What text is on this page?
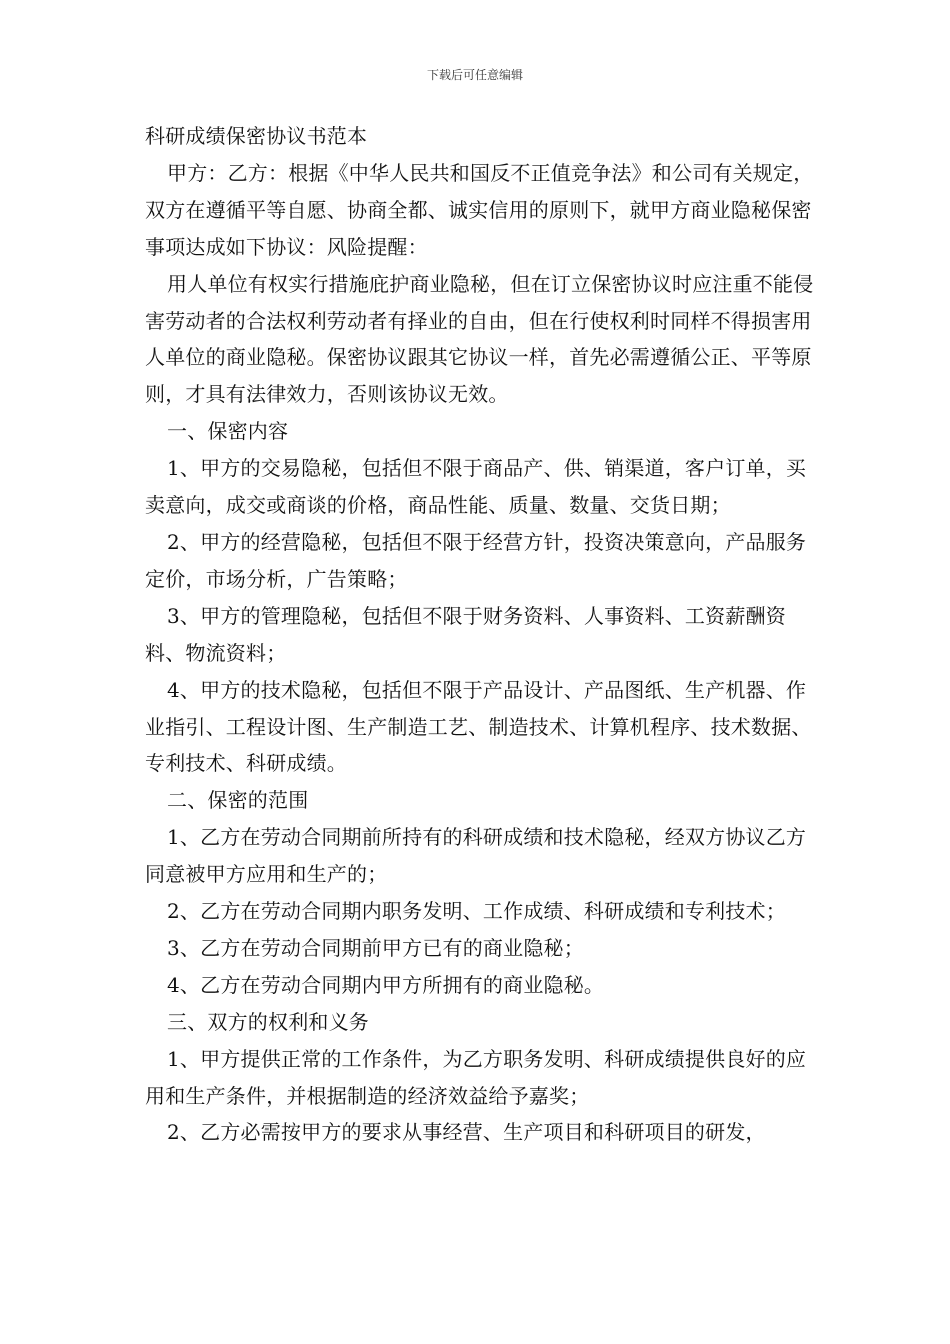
下载后可任意编辑
科研成绩保密协议书范本

甲方：乙方：根据《中华人民共和国反不正值竞争法》和公司有关规定，双方在遵循平等自愿、协商全都、诚实信用的原则下，就甲方商业隐秘保密事项达成如下协议：风险提醒：

用人单位有权实行措施庇护商业隐秘，但在订立保密协议时应注重不能侵害劳动者的合法权利劳动者有择业的自由，但在行使权利时同样不得损害用人单位的商业隐秘。保密协议跟其它协议一样，首先必需遵循公正、平等原则，才具有法律效力，否则该协议无效。

一、保密内容

1、甲方的交易隐秘，包括但不限于商品产、供、销渠道，客户订单，买卖意向，成交或商谈的价格，商品性能、质量、数量、交货日期；

2、甲方的经营隐秘，包括但不限于经营方针，投资决策意向，产品服务定价，市场分析，广告策略；

3、甲方的管理隐秘，包括但不限于财务资料、人事资料、工资薪酬资料、物流资料；

4、甲方的技术隐秘，包括但不限于产品设计、产品图纸、生产机器、作业指引、工程设计图、生产制造工艺、制造技术、计算机程序、技术数据、专利技术、科研成绩。

二、保密的范围

1、乙方在劳动合同期前所持有的科研成绩和技术隐秘，经双方协议乙方同意被甲方应用和生产的；

2、乙方在劳动合同期内职务发明、工作成绩、科研成绩和专利技术；

3、乙方在劳动合同期前甲方已有的商业隐秘；

4、乙方在劳动合同期内甲方所拥有的商业隐秘。

三、双方的权利和义务

1、甲方提供正常的工作条件，为乙方职务发明、科研成绩提供良好的应用和生产条件，并根据制造的经济效益给予嘉奖；

2、乙方必需按甲方的要求从事经营、生产项目和科研项目的研发，
